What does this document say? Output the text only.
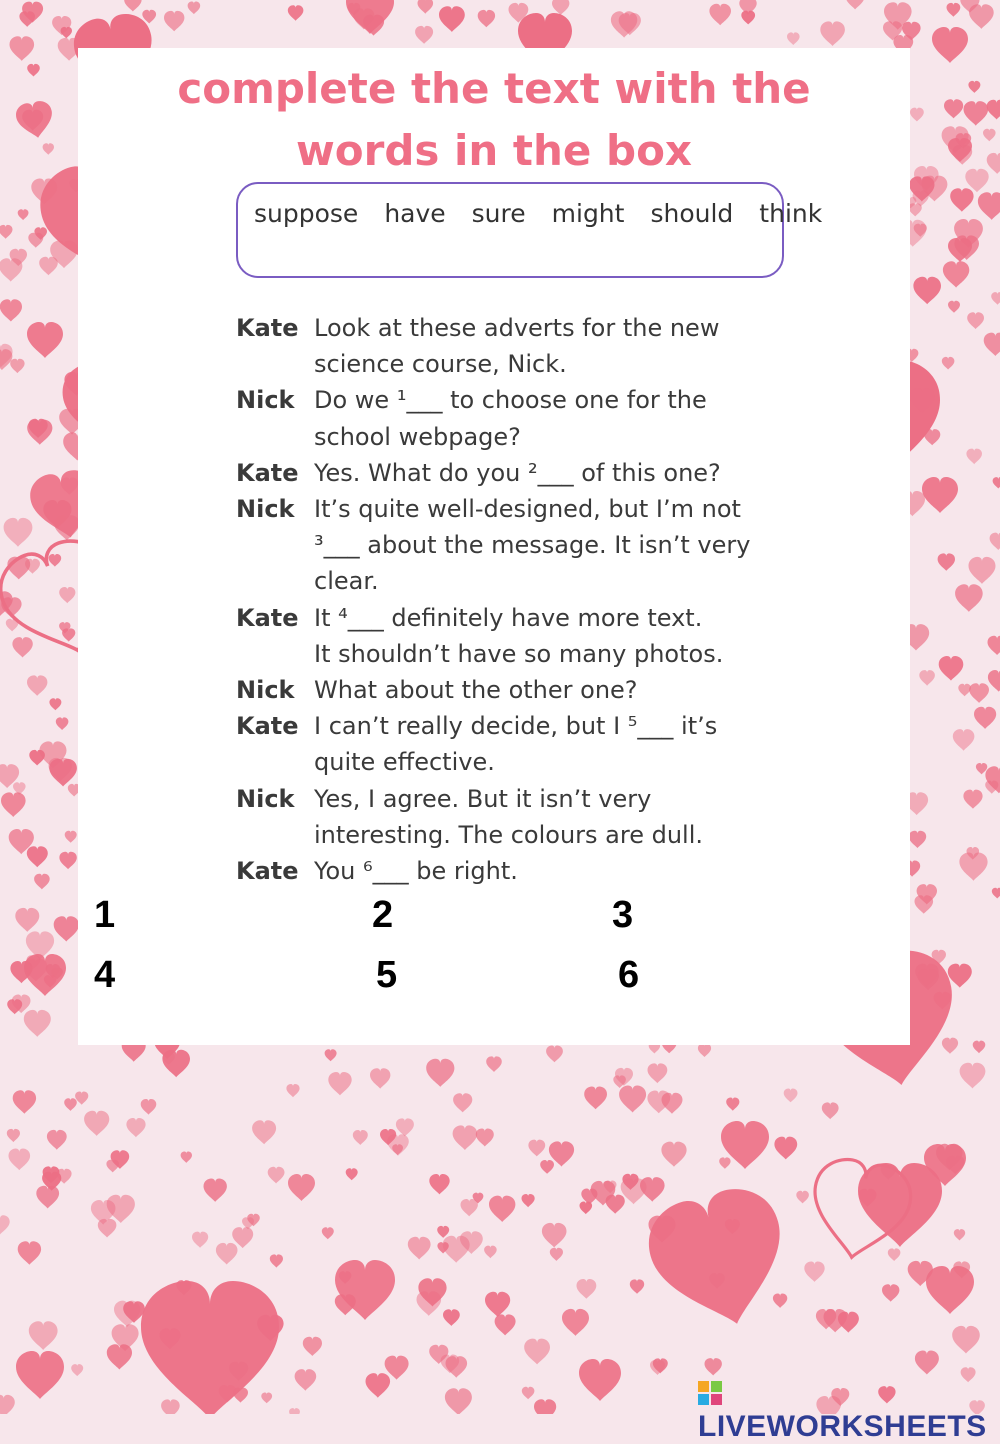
complete the text with the
words in the box
suppose have sure might should think
Kate Look at these adverts for the new
science course, Nick.
Nick Do we ¹___ to choose one for the
school webpage?
Kate Yes. What do you ²___ of this one?
Nick It’s quite well-designed, but I’m not
³___ about the message. It isn’t very
clear.
Kate It ⁴___ definitely have more text.
It shouldn’t have so many photos.
Nick What about the other one?
Kate I can’t really decide, but I ⁵___ it’s
quite effective.
Nick Yes, I agree. But it isn’t very
interesting. The colours are dull.
Kate You ⁶___ be right.
1	2	3
4	5	6
LIVEWORKSHEETS
